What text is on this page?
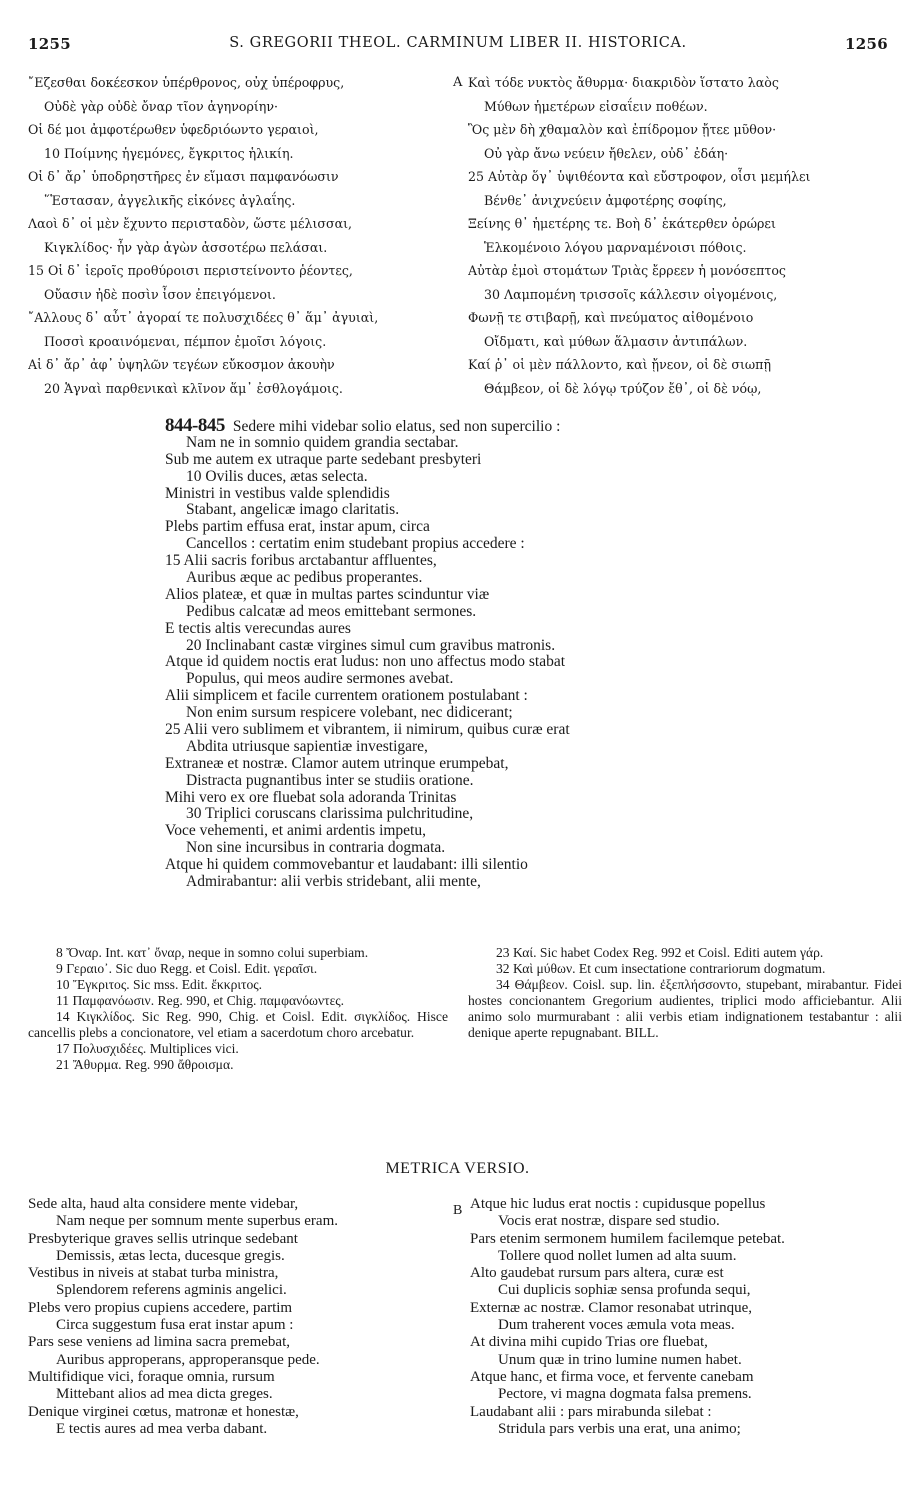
1255	S. GREGORII THEOL. CARMINUM LIBER II. HISTORICA.	1256
῎Εζεσθαι δοκέεσκον ὑπέρθρονος, οὐχ ὑπέροφρυς,
Οὐδὲ γὰρ οὐδὲ ὄναρ τῖον ἀγηνορίην·
Οἱ δέ μοι ἀμφοτέρωθεν ὑφεδριόωντο γεραιοὶ,
10 Ποίμνης ἡγεμόνες, ἔγκριτος ἡλικίη.
Οἱ δ᾽ ἄρ᾽ ὑποδρηστῆρες ἐν εἵμασι παμφανόωσιν
῞Ἑστασαν, ἀγγελικῆς εἰκόνες ἀγλαΐης.
Λαοὶ δ᾽ οἱ μὲν ἔχυντο περισταδὸν, ὥστε μέλισσαι,
Κιγκλίδος· ἦν γὰρ ἀγὼν ἀσσοτέρω πελάσαι.
15 Οἱ δ᾽ ἱεροῖς προθύροισι περιστείνοντο ῥέοντες,
Οὔασιν ἠδὲ ποσὶν ἶσον ἐπειγόμενοι.
῎Αλλους δ᾽ αὖτ᾽ ἀγοραί τε πολυσχιδέες θ᾽ ἅμ᾽ ἀγυιαὶ,
Ποσσὶ κροαινόμεναι, πέμπον ἐμοῖσι λόγοις.
Αἱ δ᾽ ἄρ᾽ ἀφ᾽ ὑψηλῶν τεγέων εὔκοσμον ἀκουὴν
20 Ἁγναὶ παρθενικαὶ κλῖνον ἅμ᾽ ἐσθλογάμοις.
A Καὶ τόδε νυκτὸς ἄθυρμα· διακριδὸν ἵστατο λαὸς
Μύθων ἡμετέρων εἰσαΐειν ποθέων.
Ὃς μὲν δὴ χθαμαλὸν καὶ ἐπίδρομον ᾔτεε μῦθον·
Οὐ γὰρ ἄνω νεύειν ἤθελεν, οὐδ᾽ ἐδάη·
25 Αὐτὰρ ὅγ᾽ ὑψιθέοντα καὶ εὔστροφον, οἷσι μεμήλει
Βένθε᾽ ἀνιχνεύειν ἀμφοτέρης σοφίης,
Ξείνης θ᾽ ἡμετέρης τε. Βοὴ δ᾽ ἑκάτερθεν ὀρώρει
Ἑλκομένοιο λόγου μαρναμένοισι πόθοις.
Αὐτὰρ ἐμοὶ στομάτων Τριὰς ἔρρεεν ἡ μονόσεπτος
30 Λαμπομένη τρισσοῖς κάλλεσιν οἰγομένοις,
Φωνῇ τε στιβαρῇ, καὶ πνεύματος αἰθομένοιο
Οἴδματι, καὶ μύθων ἅλμασιν ἀντιπάλων.
Καί ῥ᾽ οἱ μὲν πάλλοντο, καὶ ᾔνεον, οἱ δὲ σιωπῇ
Θάμβεον, οἱ δὲ λόγῳ τρύζον ἔθ᾽, οἱ δὲ νόῳ,
844-845 Sedere mihi videbar solio elatus, sed non supercilio :
Nam ne in somnio quidem grandia sectabar.
Sub me autem ex utraque parte sedebant presbyteri
10 Ovilis duces, ætas selecta.
Ministri in vestibus valde splendidis
Stabant, angelicæ imago claritatis.
Plebs partim effusa erat, instar apum, circa
Cancellos : certatim enim studebant propius accedere :
15 Alii sacris foribus arctabantur affluentes,
Auribus æque ac pedibus properantes.
Alios plateæ, et quæ in multas partes scinduntur viæ
Pedibus calcatæ ad meos emittebant sermones.
E tectis altis verecundas aures
20 Inclinabant castæ virgines simul cum gravibus matronis.
Atque id quidem noctis erat ludus: non uno affectus modo stabat
Populus, qui meos audire sermones avebat.
Alii simplicem et facile currentem orationem postulabant :
Non enim sursum respicere volebant, nec didicerant;
25 Alii vero sublimem et vibrantem, ii nimirum, quibus curæ erat
Abdita utriusque sapientiæ investigare,
Extraneæ et nostræ. Clamor autem utrinque erumpebat,
Distracta pugnantibus inter se studiis oratione.
Mihi vero ex ore fluebat sola adoranda Trinitas
30 Triplici coruscans clarissima pulchritudine,
Voce vehementi, et animi ardentis impetu,
Non sine incursibus in contraria dogmata.
Atque hi quidem commovebantur et laudabant: illi silentio
Admirabantur: alii verbis stridebant, alii mente,

8 Ὄναρ. Int. κατ᾽ ὄναρ, neque in somno colui superbiam.

9 Γεραιο᾽. Sic duo Regg. et Coisl. Edit. γεραῖσι.

10 Ἔγκριτος. Sic mss. Edit. ἔκκριτος.

11 Παμφανόωσιν. Reg. 990, et Chig. παμφανόωντες.

14 Κιγκλίδος. Sic Reg. 990, Chig. et Coisl. Edit. σιγκλίδος. Hisce cancellis plebs a concionatore, vel etiam a sacerdotum choro arcebatur.

17 Πολυσχιδέες. Multiplices vici.

21 Ἄθυρμα. Reg. 990 ἄθροισμα.

23 Καί. Sic habet Codex Reg. 992 et Coisl. Editi autem γάρ.

32 Καὶ μύθων. Et cum insectatione contrariorum dogmatum.

34 Θάμβεον. Coisl. sup. lin. ἐξεπλήσσοντο, stupebant, mirabantur. Fidei hostes concionantem Gregorium audientes, triplici modo afficiebantur. Alii animo solo murmurabant : alii verbis etiam indignationem testabantur : alii denique aperte repugnabant. BILL.

METRICA VERSIO.
Sede alta, haud alta considere mente videbar,
Nam neque per somnum mente superbus eram.
Presbyterique graves sellis utrinque sedebant
Demissis, ætas lecta, ducesque gregis.
Vestibus in niveis at stabat turba ministra,
Splendorem referens agminis angelici.
Plebs vero propius cupiens accedere, partim
Circa suggestum fusa erat instar apum :
Pars sese veniens ad limina sacra premebat,
Auribus approperans, approperansque pede.
Multifidique vici, foraque omnia, rursum
Mittebant alios ad mea dicta greges.
Denique virginei cœtus, matronæ et honestæ,
E tectis aures ad mea verba dabant.
B Atque hic ludus erat noctis : cupidusque popellus
Vocis erat nostræ, dispare sed studio.
Pars etenim sermonem humilem facilemque petebat.
Tollere quod nollet lumen ad alta suum.
Alto gaudebat rursum pars altera, curæ est
Cui duplicis sophiæ sensa profunda sequi,
Externæ ac nostræ. Clamor resonabat utrinque,
Dum traherent voces æmula vota meas.
At divina mihi cupido Trias ore fluebat,
Unum quæ in trino lumine numen habet.
Atque hanc, et firma voce, et fervente canebam
Pectore, vi magna dogmata falsa premens.
Laudabant alii : pars mirabunda silebat :
Stridula pars verbis una erat, una animo;
